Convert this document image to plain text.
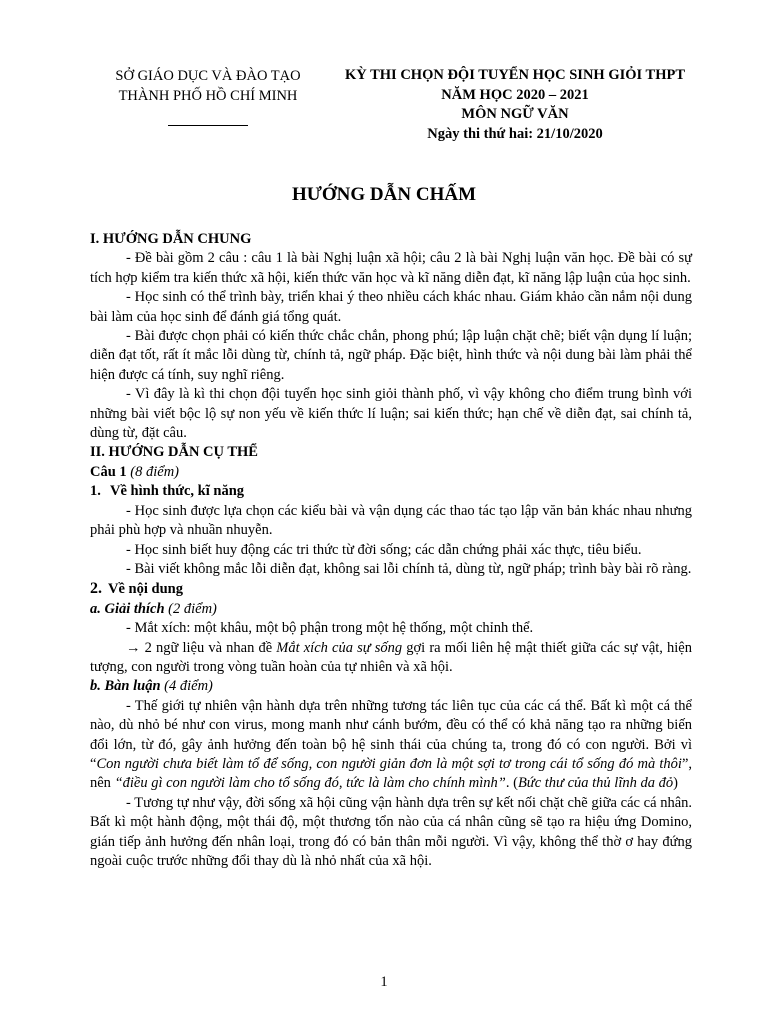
SỞ GIÁO DỤC VÀ ĐÀO TẠO
THÀNH PHỐ HỒ CHÍ MINH
KỲ THI CHỌN ĐỘI TUYỂN HỌC SINH GIỎI THPT
NĂM HỌC 2020 – 2021
MÔN NGỮ VĂN
Ngày thi thứ hai: 21/10/2020
HƯỚNG DẪN CHẤM

I. HƯỚNG DẪN CHUNG

- Đề bài gồm 2 câu : câu 1 là bài Nghị luận xã hội; câu 2 là bài Nghị luận văn học. Đề bài có sự tích hợp kiểm tra kiến thức xã hội, kiến thức văn học và kĩ năng diễn đạt, kĩ năng lập luận của học sinh.

- Học sinh có thể trình bày, triển khai ý theo nhiều cách khác nhau. Giám khảo cần nắm nội dung bài làm của học sinh để đánh giá tổng quát.

- Bài được chọn phải có kiến thức chắc chắn, phong phú; lập luận chặt chẽ; biết vận dụng lí luận; diễn đạt tốt, rất ít mắc lỗi dùng từ, chính tả, ngữ pháp. Đặc biệt, hình thức và nội dung bài làm phải thể hiện được cá tính, suy nghĩ riêng.

- Vì đây là kì thi chọn đội tuyển học sinh giỏi thành phố, vì vậy không cho điểm trung bình với những bài viết bộc lộ sự non yếu về kiến thức lí luận; sai kiến thức; hạn chế về diễn đạt, sai chính tả, dùng từ, đặt câu.

II. HƯỚNG DẪN CỤ THỂ

Câu 1 (8 điểm)

1. Về hình thức, kĩ năng

- Học sinh được lựa chọn các kiểu bài và vận dụng các thao tác tạo lập văn bản khác nhau nhưng phải phù hợp và nhuần nhuyễn.

- Học sinh biết huy động các tri thức từ đời sống; các dẫn chứng phải xác thực, tiêu biểu.

- Bài viết không mắc lỗi diễn đạt, không sai lỗi chính tả, dùng từ, ngữ pháp; trình bày bài rõ ràng.

2. Về nội dung

a. Giải thích (2 điểm)

- Mắt xích: một khâu, một bộ phận trong một hệ thống, một chỉnh thể.

→ 2 ngữ liệu và nhan đề Mắt xích của sự sống gợi ra mối liên hệ mật thiết giữa các sự vật, hiện tượng, con người trong vòng tuần hoàn của tự nhiên và xã hội.

b. Bàn luận (4 điểm)

- Thế giới tự nhiên vận hành dựa trên những tương tác liên tục của các cá thể. Bất kì một cá thể nào, dù nhỏ bé như con virus, mong manh như cánh bướm, đều có thể có khả năng tạo ra những biến đổi lớn, từ đó, gây ảnh hưởng đến toàn bộ hệ sinh thái của chúng ta, trong đó có con người. Bởi vì “Con người chưa biết làm tổ để sống, con người giản đơn là một sợi tơ trong cái tổ sống đó mà thôi”, nên “điều gì con người làm cho tổ sống đó, tức là làm cho chính mình”. (Bức thư của thủ lĩnh da đỏ)

- Tương tự như vậy, đời sống xã hội cũng vận hành dựa trên sự kết nối chặt chẽ giữa các cá nhân. Bất kì một hành động, một thái độ, một thương tổn nào của cá nhân cũng sẽ tạo ra hiệu ứng Domino, gián tiếp ảnh hưởng đến nhân loại, trong đó có bản thân mỗi người. Vì vậy, không thể thờ ơ hay đứng ngoài cuộc trước những đổi thay dù là nhỏ nhất của xã hội.

1
